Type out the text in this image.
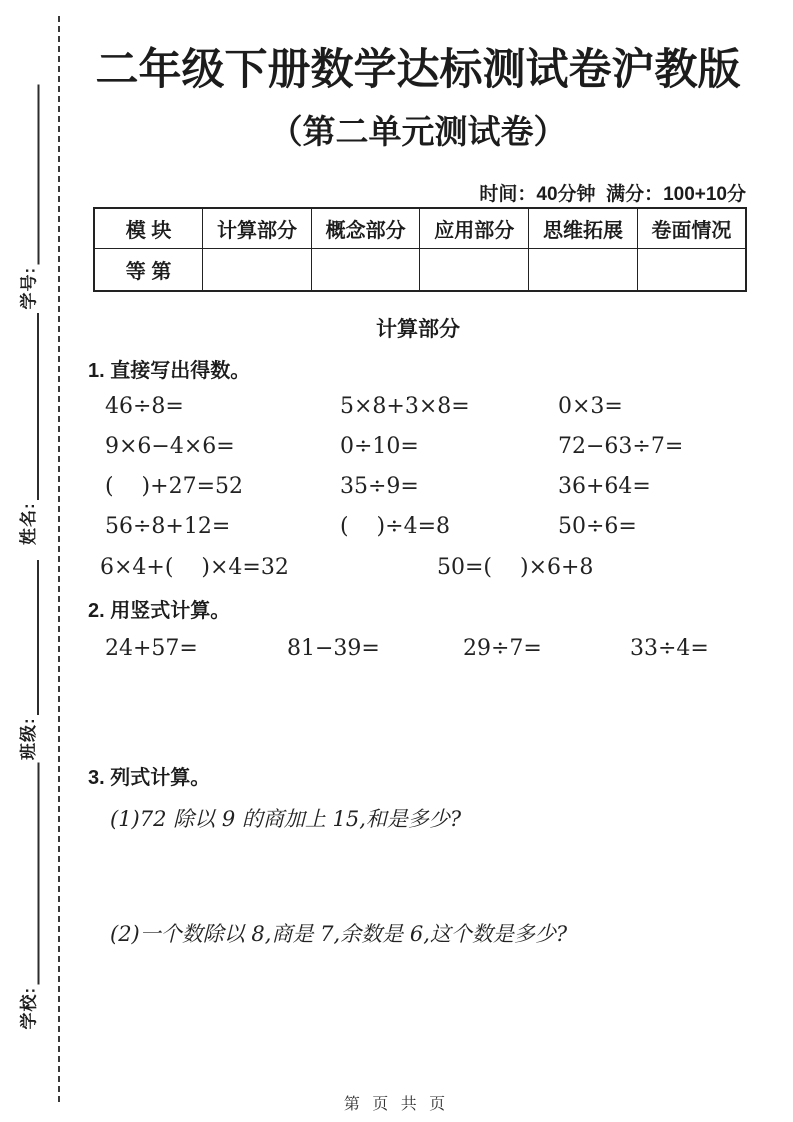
学号:
姓名:
班级:
学校:
二年级下册数学达标测试卷沪教版
（第二单元测试卷）
时间：40分钟  满分：100+10分
模 块	计算部分	概念部分	应用部分	思维拓展	卷面情况
等 第					
计算部分
1. 直接写出得数。
46÷8=	5×8+3×8=	0×3=
9×6−4×6=	0÷10=	72−63÷7=
(    )+27=52	35÷9=	36+64=
56÷8+12=	(    )÷4=8	50÷6=
6×4+(    )×4=32	50=(    )×6+8
2. 用竖式计算。
24+57=	81−39=	29÷7=	33÷4=
3. 列式计算。
(1)72 除以 9 的商加上 15,和是多少?
(2)一个数除以 8,商是 7,余数是 6,这个数是多少?
第 页 共 页
